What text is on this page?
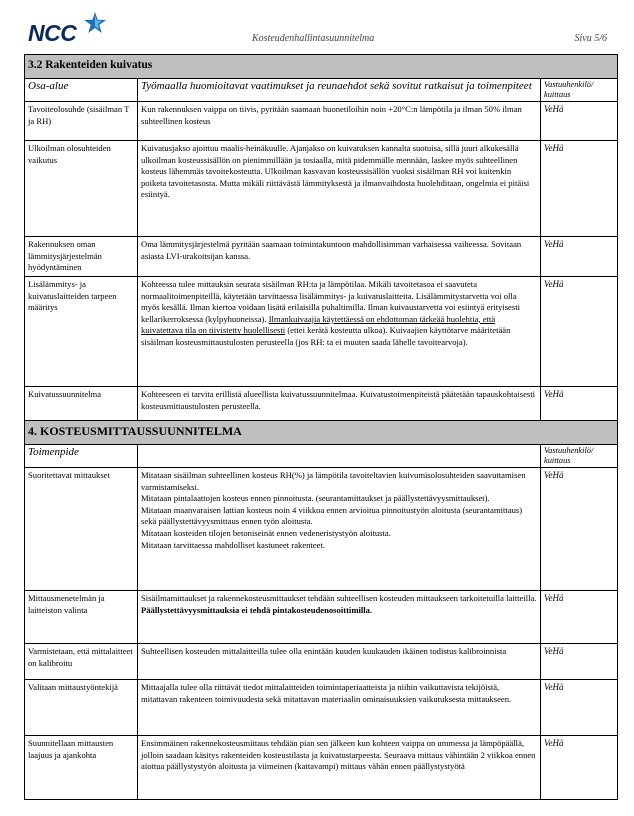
NCC	Kosteudenhallintasuunnitelma	Sivu 5/6
3.2 Rakenteiden kuivatus		
Osa-alue	Työmaalla huomioitavat vaatimukset ja reunaehdot sekä sovitut ratkaisut ja toimenpiteet	Vastuuhenkilö/ kuittaus
Tavoiteolosuhde (sisäilman T ja RH)	Kun rakennuksen vaippa on tiivis, pyritään saamaan huonetiloihin noin +20°C:n lämpötila ja ilman 50% ilman suhteellinen kosteus	VeHä
Ulkoilman olosuhteiden vaikutus	Kuivatusjakso ajoittuu maalis-heinäkuulle. Ajanjakso on kuivatuksen kannalta suotuisa, sillä juuri alkukesällä ulkoilman kosteussisällön on pienimmillään ja tosiaalla, mitä pidemmälle mennään, laskee myös suhteellinen kosteus lähemmäs tavoitekosteutta. Ulkoilman kasvavan kosteussisällön vuoksi sisäilman RH voi kuitenkin poiketa tavoitetasosta. Mutta mikäli riittävästä lämmityksestä ja ilmanvaihdosta huolehditaan, ongelmia ei pitäisi esiintyä.	VeHä
Rakennuksen oman lämmitysjärjestelmän hyödyntäminen	Oma lämmitysjärjestelmä pyritään saamaan toimintakuntoon mahdollisimman varhaisessa vaiheessa. Sovitaan asiasta LVI-urakoitsijan kanssa.	VeHä
Lisälämmitys- ja kuivatuslaitteiden tarpeen määritys	Kohteessa tulee mittauksin seurata sisäilman RH:ta ja lämpötilaa. Mikäli tavoitetasoa ei saavuteta normaalitoimenpiteillä, käytetään tarvittaessa lisälämmitys- ja kuivatuslaitteita. Lisälämmitystarvetta voi olla myös kesällä. Ilman kiertoa voidaan lisätä erilaisilla puhaltimilla. Ilman kuivaustarvetta voi esiintyä erityisesti kellarikerroksessa (kylpyhuoneissa). Ilmankuivaajia käytettäessä on ehdottoman tärkeää huolehtia, että kuivatettava tila on tiivistetty huolellisesti (ettei kerätä kosteutta ulkoa). Kuivaajien käyttötarve määritetään sisäilman kosteusmittaustulosten perusteella (jos RH: ta ei muuten saada lähelle tavoitearvoja).	VeHä
Kuivatussuunnitelma	Kohteeseen ei tarvita erillistä alueellista kuivatussuunnitelmaa. Kuivatustoimenpiteistä päätetään tapauskohtaisesti kosteusmittaustulosten perusteella.	VeHä
4. KOSTEUSMITTAUSSUUNNITELMA		
Toimenpide		Vastuuhenkilö/ kuittaus
Suoritettavat mittaukset	Mitataan sisäilman suhteellinen kosteus RH(%) ja lämpötila tavoiteltavien kuivumisolosuhteiden saavuttamisen varmistamiseksi.
Mitataan pintalaattojen kosteus ennen pinnoitusta. (seurantamittaukset ja päällystettävyysmittaukset).
Mitataan maanvaraisen lattian kosteus noin 4 viikkoa ennen arvioitua pinnoitustyön aloitusta (seurantamittaus) sekä päällystettävyysmittaus ennen työn aloitusta.
Mitataan kosteiden tilojen betoniseinät ennen vedeneristystyön aloitusta.
Mitataan tarvittaessa mahdolliset kastuneet rakenteet.	VeHä
Mittausmenetelmän ja laitteiston valinta	Sisäilmamittaukset ja rakennekosteusmittaukset tehdään suhteellisen kosteuden mittaukseen tarkoitetuilla laitteilla.
Päällystettävyysmittauksia ei tehdä pintakosteudenosoittimilla.	VeHä
Varmistetaan, että mittalaitteet on kalibroitu	Suhteellisen kosteuden mittalaitteilla tulee olla enintään kuuden kuukauden ikäinen todistus kalibroinnista	VeHä
Valitaan mittaustyöntekijä	Mittaajalla tulee olla riittävät tiedot mittalaitteiden toimintaperiaatteista ja niihin vaikuttavista tekijöistä, mitattavan rakenteen toimivuudesta sekä mitattavan materiaalin ominaisuuksien vaikutuksesta mittaukseen.	VeHä
Suunnitellaan mittausten laajuus ja ajankohta	Ensimmäinen rakennekosteusmittaus tehdään pian sen jälkeen kun kohteen vaippa on ummessa ja lämpöpäällä, jolloin saadaan käsitys rakenteiden kosteustilasta ja kuivatustarpeesta. Seuraava mittaus vähintään 2 viikkoa ennen aiottua päällystystyön aloitusta ja viimeinen (kattavampi) mittaus vähän ennen päällystystyötä	VeHä
